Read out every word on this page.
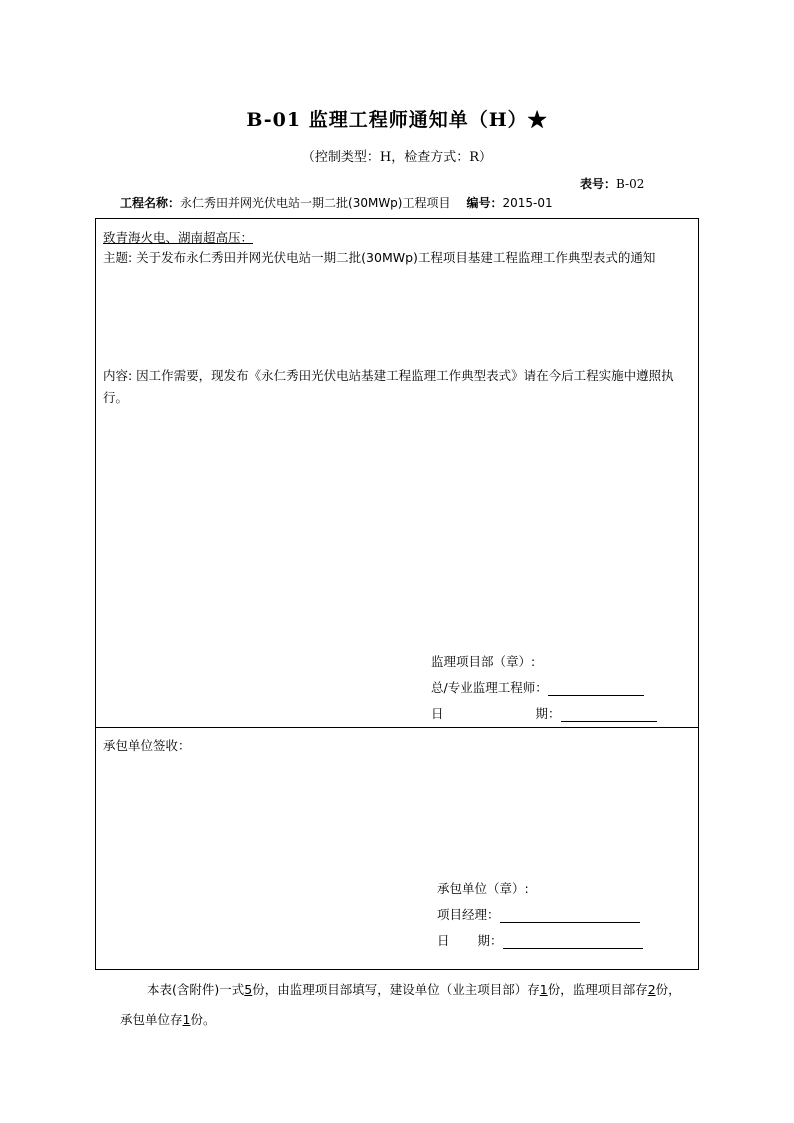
B-01 监理工程师通知单（H）★
（控制类型：H，检查方式：R）
表号：B-02
工程名称：永仁秀田并网光伏电站一期二批(30MWp)工程项目 编号：2015-01
致青海火电、湖南超高压：
主题: 关于发布永仁秀田并网光伏电站一期二批(30MWp)工程项目基建工程监理工作典型表式的通知
内容: 因工作需要，现发布《永仁秀田光伏电站基建工程监理工作典型表式》请在今后工程实施中遵照执行。
监理项目部（章）:
总/专业监理工程师：
日	期：
承包单位签收：
承包单位（章）:
项目经理：
日 期：
本表(含附件)一式5份，由监理项目部填写，建设单位（业主项目部）存1份，监理项目部存2份，承包单位存1份。
